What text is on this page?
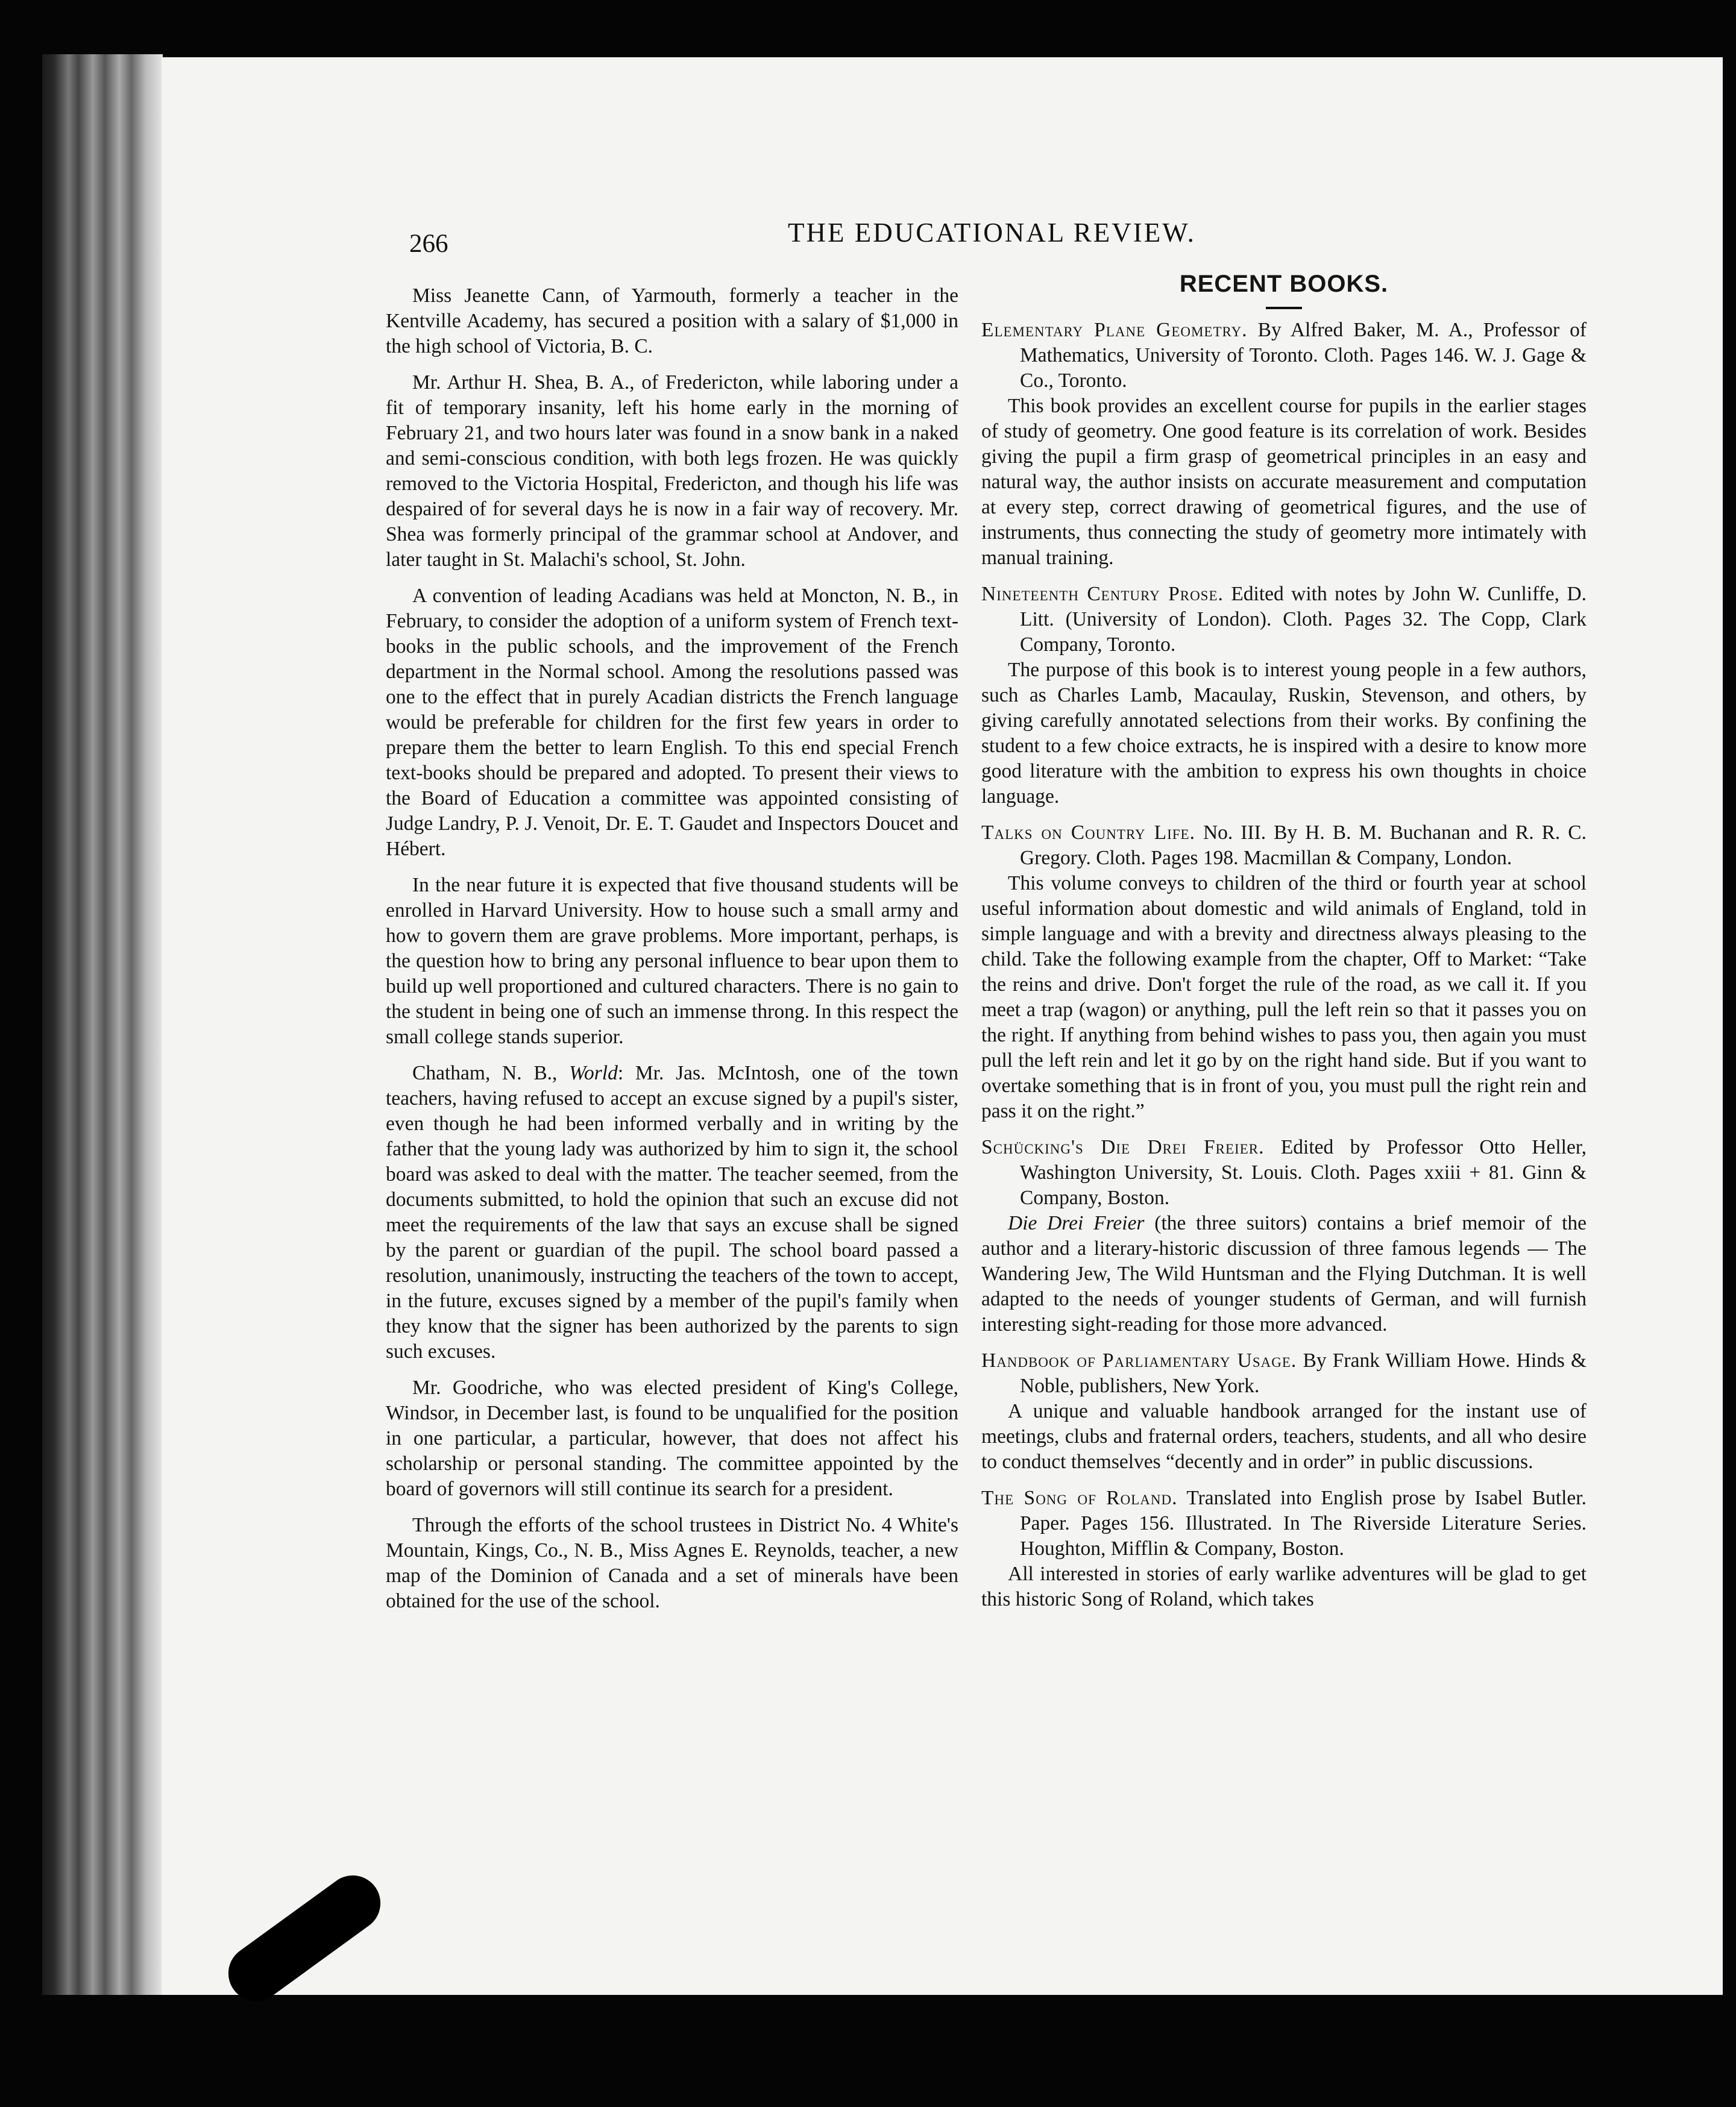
266	THE EDUCATIONAL REVIEW.

Miss Jeanette Cann, of Yarmouth, formerly a teacher in the Kentville Academy, has secured a position with a salary of $1,000 in the high school of Victoria, B. C.

Mr. Arthur H. Shea, B. A., of Fredericton, while laboring under a fit of temporary insanity, left his home early in the morning of February 21, and two hours later was found in a snow bank in a naked and semi-conscious condition, with both legs frozen. He was quickly removed to the Victoria Hospital, Fredericton, and though his life was despaired of for several days he is now in a fair way of recovery. Mr. Shea was formerly principal of the grammar school at Andover, and later taught in St. Malachi's school, St. John.

A convention of leading Acadians was held at Moncton, N. B., in February, to consider the adoption of a uniform system of French text-books in the public schools, and the improvement of the French department in the Normal school. Among the resolutions passed was one to the effect that in purely Acadian districts the French language would be preferable for children for the first few years in order to prepare them the better to learn English. To this end special French text-books should be prepared and adopted. To present their views to the Board of Education a committee was appointed consisting of Judge Landry, P. J. Venoit, Dr. E. T. Gaudet and Inspectors Doucet and Hébert.

In the near future it is expected that five thousand students will be enrolled in Harvard University. How to house such a small army and how to govern them are grave problems. More important, perhaps, is the question how to bring any personal influence to bear upon them to build up well proportioned and cultured characters. There is no gain to the student in being one of such an immense throng. In this respect the small college stands superior.

Chatham, N. B., World: Mr. Jas. McIntosh, one of the town teachers, having refused to accept an excuse signed by a pupil's sister, even though he had been informed verbally and in writing by the father that the young lady was authorized by him to sign it, the school board was asked to deal with the matter. The teacher seemed, from the documents submitted, to hold the opinion that such an excuse did not meet the requirements of the law that says an excuse shall be signed by the parent or guardian of the pupil. The school board passed a resolution, unanimously, instructing the teachers of the town to accept, in the future, excuses signed by a member of the pupil's family when they know that the signer has been authorized by the parents to sign such excuses.

Mr. Goodriche, who was elected president of King's College, Windsor, in December last, is found to be unqualified for the position in one particular, a particular, however, that does not affect his scholarship or personal standing. The committee appointed by the board of governors will still continue its search for a president.

Through the efforts of the school trustees in District No. 4 White's Mountain, Kings, Co., N. B., Miss Agnes E. Reynolds, teacher, a new map of the Dominion of Canada and a set of minerals have been obtained for the use of the school.

RECENT BOOKS.
Elementary Plane Geometry. By Alfred Baker, M. A., Professor of Mathematics, University of Toronto. Cloth. Pages 146. W. J. Gage & Co., Toronto.

This book provides an excellent course for pupils in the earlier stages of study of geometry. One good feature is its correlation of work. Besides giving the pupil a firm grasp of geometrical principles in an easy and natural way, the author insists on accurate measurement and computation at every step, correct drawing of geometrical figures, and the use of instruments, thus connecting the study of geometry more intimately with manual training.

Nineteenth Century Prose. Edited with notes by John W. Cunliffe, D. Litt. (University of London). Cloth. Pages 32. The Copp, Clark Company, Toronto.

The purpose of this book is to interest young people in a few authors, such as Charles Lamb, Macaulay, Ruskin, Stevenson, and others, by giving carefully annotated selections from their works. By confining the student to a few choice extracts, he is inspired with a desire to know more good literature with the ambition to express his own thoughts in choice language.

Talks on Country Life. No. III. By H. B. M. Buchanan and R. R. C. Gregory. Cloth. Pages 198. Macmillan & Company, London.

This volume conveys to children of the third or fourth year at school useful information about domestic and wild animals of England, told in simple language and with a brevity and directness always pleasing to the child. Take the following example from the chapter, Off to Market: “Take the reins and drive. Don't forget the rule of the road, as we call it. If you meet a trap (wagon) or anything, pull the left rein so that it passes you on the right. If anything from behind wishes to pass you, then again you must pull the left rein and let it go by on the right hand side. But if you want to overtake something that is in front of you, you must pull the right rein and pass it on the right.”

Schücking's Die Drei Freier. Edited by Professor Otto Heller, Washington University, St. Louis. Cloth. Pages xxiii + 81. Ginn & Company, Boston.

Die Drei Freier (the three suitors) contains a brief memoir of the author and a literary-historic discussion of three famous legends — The Wandering Jew, The Wild Huntsman and the Flying Dutchman. It is well adapted to the needs of younger students of German, and will furnish interesting sight-reading for those more advanced.

Handbook of Parliamentary Usage. By Frank William Howe. Hinds & Noble, publishers, New York.

A unique and valuable handbook arranged for the instant use of meetings, clubs and fraternal orders, teachers, students, and all who desire to conduct themselves “decently and in order” in public discussions.

The Song of Roland. Translated into English prose by Isabel Butler. Paper. Pages 156. Illustrated. In The Riverside Literature Series. Houghton, Mifflin & Company, Boston.

All interested in stories of early warlike adventures will be glad to get this historic Song of Roland, which takes
